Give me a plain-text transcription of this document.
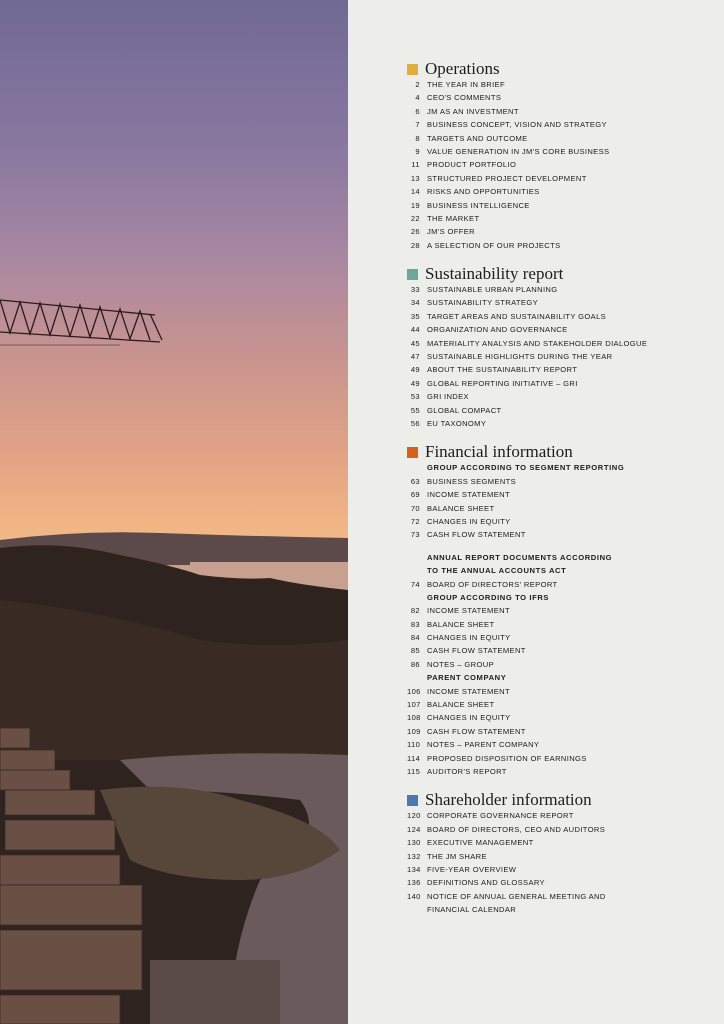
Operations
2 THE YEAR IN BRIEF
4 CEO'S COMMENTS
6 JM AS AN INVESTMENT
7 BUSINESS CONCEPT, VISION AND STRATEGY
8 TARGETS AND OUTCOME
9 VALUE GENERATION IN JM'S CORE BUSINESS
11 PRODUCT PORTFOLIO
13 STRUCTURED PROJECT DEVELOPMENT
14 RISKS AND OPPORTUNITIES
19 BUSINESS INTELLIGENCE
22 THE MARKET
26 JM'S OFFER
28 A SELECTION OF OUR PROJECTS
Sustainability report
33 SUSTAINABLE URBAN PLANNING
34 SUSTAINABILITY STRATEGY
35 TARGET AREAS AND SUSTAINABILITY GOALS
44 ORGANIZATION AND GOVERNANCE
45 MATERIALITY ANALYSIS AND STAKEHOLDER DIALOGUE
47 SUSTAINABLE HIGHLIGHTS DURING THE YEAR
49 ABOUT THE SUSTAINABILITY REPORT
49 GLOBAL REPORTING INITIATIVE – GRI
53 GRI INDEX
55 GLOBAL COMPACT
56 EU TAXONOMY
Financial information
GROUP ACCORDING TO SEGMENT REPORTING
63 BUSINESS SEGMENTS
69 INCOME STATEMENT
70 BALANCE SHEET
72 CHANGES IN EQUITY
73 CASH FLOW STATEMENT
ANNUAL REPORT DOCUMENTS ACCORDING
TO THE ANNUAL ACCOUNTS ACT
74 BOARD OF DIRECTORS' REPORT
GROUP ACCORDING TO IFRS
82 INCOME STATEMENT
83 BALANCE SHEET
84 CHANGES IN EQUITY
85 CASH FLOW STATEMENT
86 NOTES – GROUP
PARENT COMPANY
106 INCOME STATEMENT
107 BALANCE SHEET
108 CHANGES IN EQUITY
109 CASH FLOW STATEMENT
110 NOTES – PARENT COMPANY
114 PROPOSED DISPOSITION OF EARNINGS
115 AUDITOR'S REPORT
Shareholder information
120 CORPORATE GOVERNANCE REPORT
124 BOARD OF DIRECTORS, CEO AND AUDITORS
130 EXECUTIVE MANAGEMENT
132 THE JM SHARE
134 FIVE-YEAR OVERVIEW
136 DEFINITIONS AND GLOSSARY
140 NOTICE OF ANNUAL GENERAL MEETING AND
FINANCIAL CALENDAR
